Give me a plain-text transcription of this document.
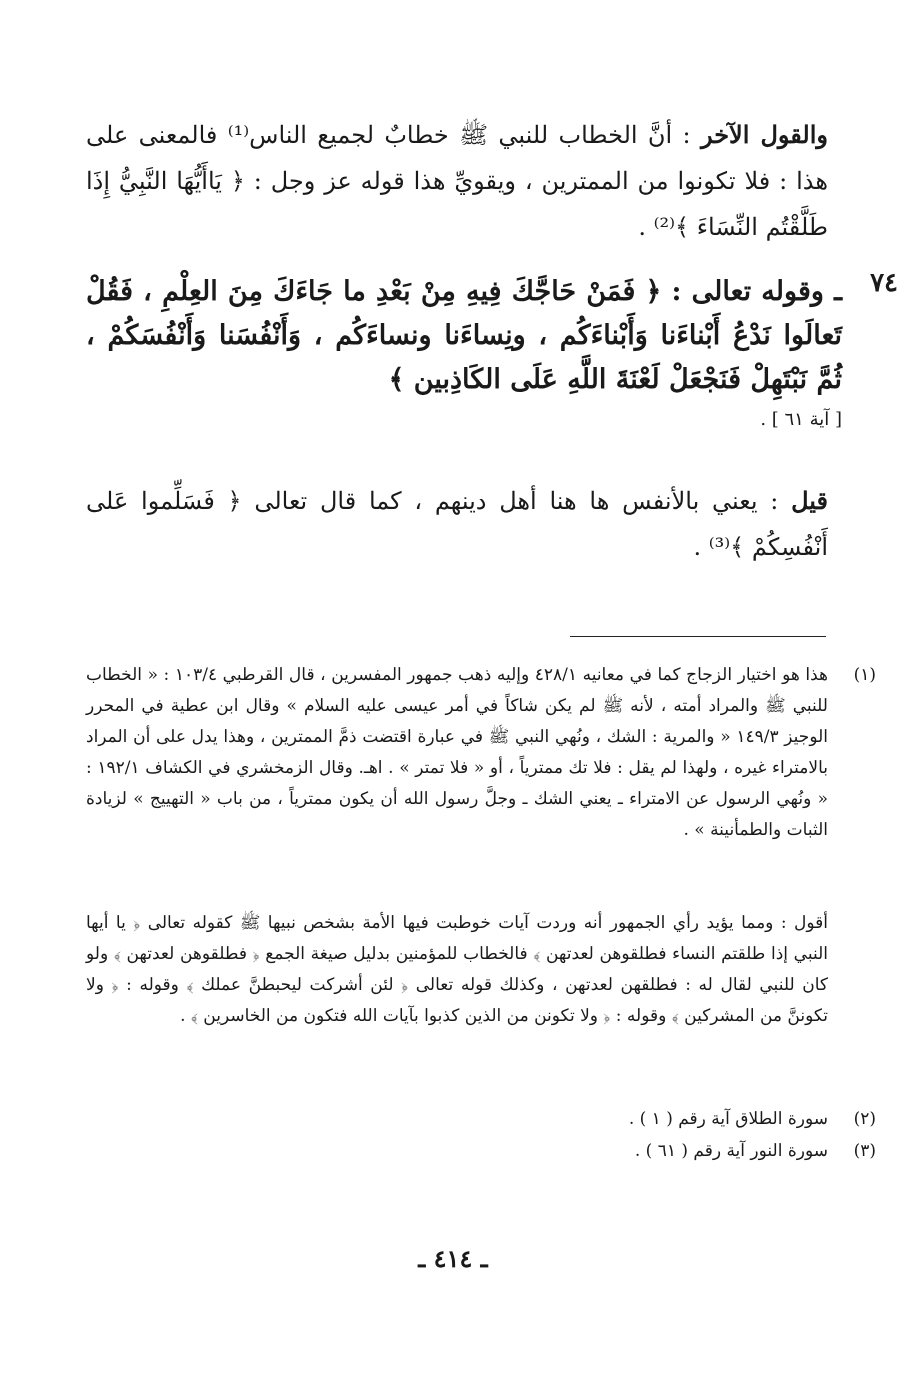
والقول الآخر : أنَّ الخطاب للنبي ﷺ خطابٌ لجميع الناس⁽¹⁾ فالمعنى على هذا : فلا تكونوا من الممترين ، ويقويِّ هذا قوله عز وجل : ﴿ يَاأَيُّهَا النَّبِيُّ إِذَا طَلَّقْتُم النِّسَاءَ ﴾⁽²⁾ .
٧٤
ـ وقوله تعالى : ﴿ فَمَنْ حَاجَّكَ فِيهِ مِنْ بَعْدِ ما جَاءَكَ مِنَ العِلْمِ ، فَقُلْ تَعالَوا نَدْعُ أَبْناءَنا وَأَبْناءَكُم ، ونِساءَنا ونساءَكُم ، وَأَنْفُسَنا وَأَنْفُسَكُمْ ، ثُمَّ نَبْتَهِلْ فَنَجْعَلْ لَعْنَةَ اللَّهِ عَلَى الكَاذِبين ﴾
[ آية ٦١ ] .
قيل : يعني بالأنفس ها هنا أهل دينهم ، كما قال تعالى ﴿ فَسَلِّموا عَلى أَنْفُسِكُمْ ﴾⁽³⁾ .
(١)
هذا هو اختيار الزجاج كما في معانيه ٤٢٨/١ وإليه ذهب جمهور المفسرين ، قال القرطبي ١٠٣/٤ : « الخطاب للنبي ﷺ والمراد أمته ، لأنه ﷺ لم يكن شاكاً في أمر عيسى عليه السلام » وقال ابن عطية في المحرر الوجيز ١٤٩/٣ « والمرية : الشك ، ونُهي النبي ﷺ في عبارة اقتضت ذمَّ الممترين ، وهذا يدل على أن المراد بالامتراء غيره ، ولهذا لم يقل : فلا تك ممترياً ، أو « فلا تمتر » . اهـ. وقال الزمخشري في الكشاف ١٩٢/١ : « ونُهي الرسول عن الامتراء ـ يعني الشك ـ وجلَّ رسول الله أن يكون ممترياً ، من باب « التهييج » لزيادة الثبات والطمأنينة » .
أقول : ومما يؤيد رأي الجمهور أنه وردت آيات خوطبت فيها الأمة بشخص نبيها ﷺ كقوله تعالى ﴿ يا أيها النبي إذا طلقتم النساء فطلقوهن لعدتهن ﴾ فالخطاب للمؤمنين بدليل صيغة الجمع ﴿ فطلقوهن لعدتهن ﴾ ولو كان للنبي لقال له : فطلقهن لعدتهن ، وكذلك قوله تعالى ﴿ لئن أشركت ليحبطنَّ عملك ﴾ وقوله : ﴿ ولا تكوننَّ من المشركين ﴾ وقوله : ﴿ ولا تكونن من الذين كذبوا بآيات الله فتكون من الخاسرين ﴾ .
(٢)
سورة الطلاق آية رقم ( ١ ) .
(٣)
سورة النور آية رقم ( ٦١ ) .
ـ ٤١٤ ـ
